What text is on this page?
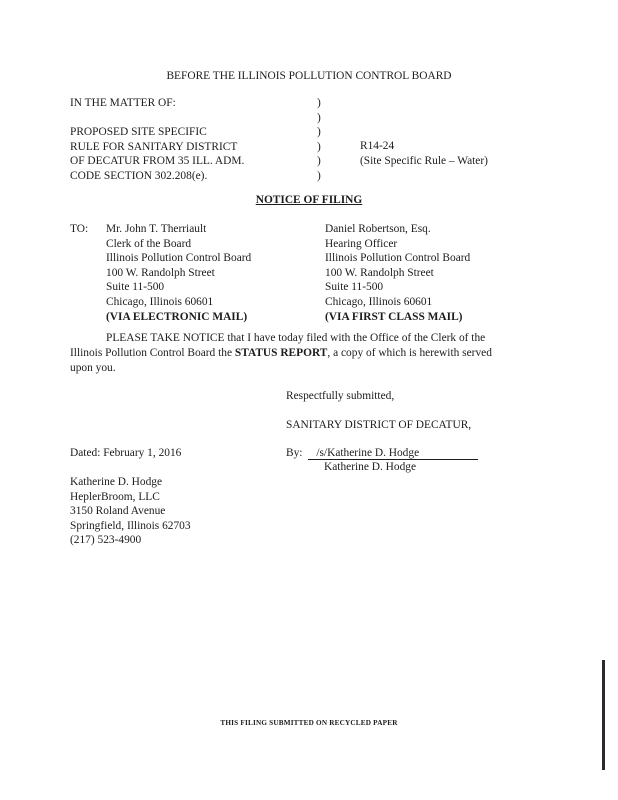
BEFORE THE ILLINOIS POLLUTION CONTROL BOARD
IN THE MATTER OF:
PROPOSED SITE SPECIFIC
RULE FOR SANITARY DISTRICT
OF DECATUR FROM 35 ILL. ADM.
CODE SECTION 302.208(e).
)
)
)
)
)
)
R14-24
(Site Specific Rule – Water)
NOTICE OF FILING
TO: Mr. John T. Therriault
Clerk of the Board
Illinois Pollution Control Board
100 W. Randolph Street
Suite 11-500
Chicago, Illinois 60601
(VIA ELECTRONIC MAIL)
Daniel Robertson, Esq.
Hearing Officer
Illinois Pollution Control Board
100 W. Randolph Street
Suite 11-500
Chicago, Illinois 60601
(VIA FIRST CLASS MAIL)
PLEASE TAKE NOTICE that I have today filed with the Office of the Clerk of the
Illinois Pollution Control Board the STATUS REPORT, a copy of which is herewith served
upon you.
Respectfully submitted,
SANITARY DISTRICT OF DECATUR,
Dated: February 1, 2016	By: /s/Katherine D. Hodge
Katherine D. Hodge
Katherine D. Hodge
HeplerBroom, LLC
3150 Roland Avenue
Springfield, Illinois 62703
(217) 523-4900
THIS FILING SUBMITTED ON RECYCLED PAPER
